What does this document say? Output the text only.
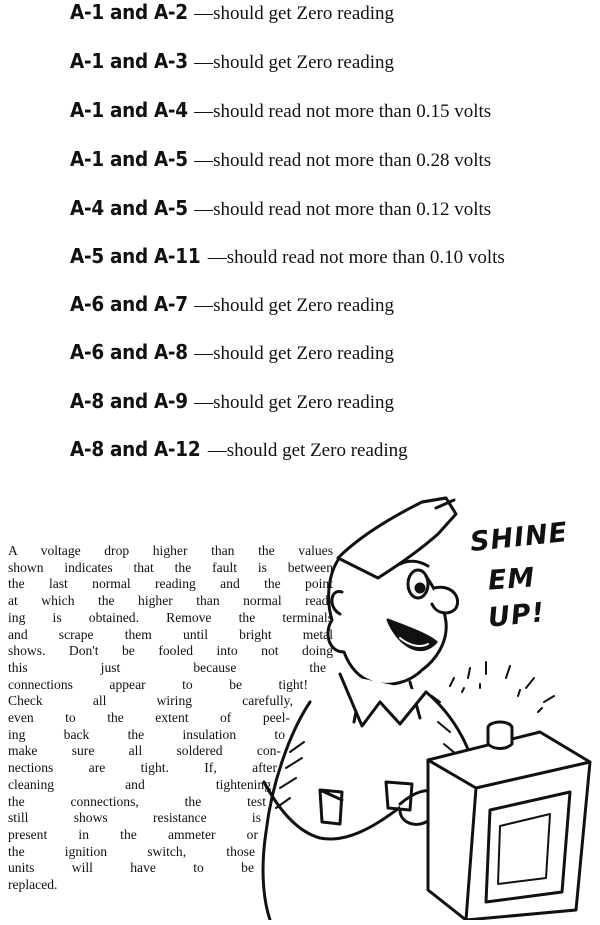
A-1 and A-2 —should get Zero reading
A-1 and A-3 —should get Zero reading
A-1 and A-4 —should read not more than 0.15 volts
A-1 and A-5 —should read not more than 0.28 volts
A-4 and A-5 —should read not more than 0.12 volts
A-5 and A-11 —should read not more than 0.10 volts
A-6 and A-7 —should get Zero reading
A-6 and A-8 —should get Zero reading
A-8 and A-9 —should get Zero reading
A-8 and A-12 —should get Zero reading

A voltage drop higher than the values
shown indicates that the fault is between
the last normal reading and the point
at which the higher than normal read-
ing is obtained. Remove the terminals
and scrape them until bright metal
shows. Don't be fooled into not doing
this just because the
connections appear to be tight!
Check all wiring carefully,
even to the extent of peel-
ing back the insulation to
make sure all soldered con-
nections are tight. If, after
cleaning and tightening
the connections, the test
still shows resistance is
present in the ammeter or
the ignition switch, those
units will have to be
replaced.

SHINE
EM
UP!
